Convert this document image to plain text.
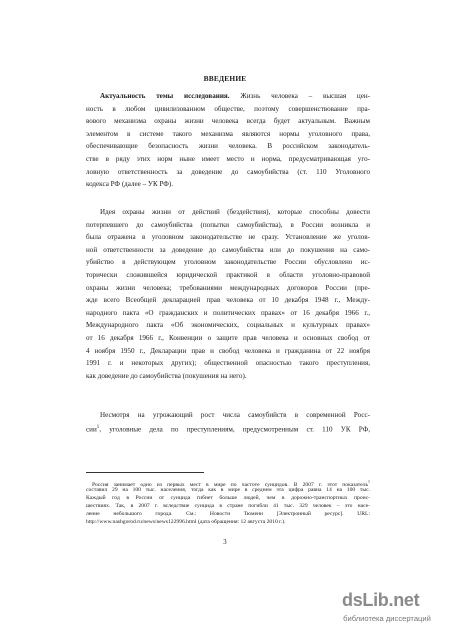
ВВЕДЕНИЕ
Актуальность темы исследования. Жизнь человека – высшая цен-
ность в любом цивилизованном обществе, поэтому совершенствование пра-
вового механизма охраны жизни человека всегда будет актуальным. Важным
элементом в системе такого механизма являются нормы уголовного права,
обеспечивающие безопасность жизни человека. В российском законодатель-
стве в ряду этих норм ныне имеет место и норма, предусматривающая уго-
ловную ответственность за доведение до самоубийства (ст. 110 Уголовного
кодекса РФ (далее – УК РФ).
Идея охраны жизни от действий (бездействия), которые способны довести
потерпевшего до самоубийства (попытки самоубийства), в России возникла и
была отражена в уголовном законодательстве не сразу. Установление же уголов-
ной ответственности за доведение до самоубийства или до покушения на само-
убийство в действующем уголовном законодательстве России обусловлено ис-
торически сложившейся юридической практикой в области уголовно-правовой
охраны жизни человека; требованиями международных договоров России (пре-
жде всего Всеобщей декларацией прав человека от 10 декабря 1948 г., Между-
народного пакта «О гражданских и политических правах» от 16 декабря 1966 г.,
Международного пакта «Об экономических, социальных и культурных правах»
от 16 декабря 1966 г., Конвенции о защите прав человека и основных свобод от
4 ноября 1950 г., Декларации прав и свобод человека и гражданина от 22 ноября
1991 г. и некоторых других); общественной опасностью такого преступления,
как доведение до самоубийства (покушения на него).
Несмотря на угрожающий рост числа самоубийств в современной Росс-
сии$^1$, уголовные дела по преступлениям, предусмотренным ст. 110 УК РФ,
Россия занимает одно из первых мест в мире по частоте суицидов. В 2007 г. этот показатель$^1$
составил 29 на 100 тыс. населения, тогда как в мире в среднем эта цифра равна 14 на 100 тыс.
Каждый год в России от суицида гибнет больше людей, чем в дорожно-транспортных проис-
шествиях. Так, в 2007 г. вследствие суицида в стране погибли 41 тыс. 329 человек – это насе-
ление небольшого города. См.: Новости Тюмени [Электронный ресурс]. URL:
http://www.nashgorod.ru/news/news122996.html (дата обращения: 12 августа 2010 г.).
3
dsLib.net
библиотека диссертаций
